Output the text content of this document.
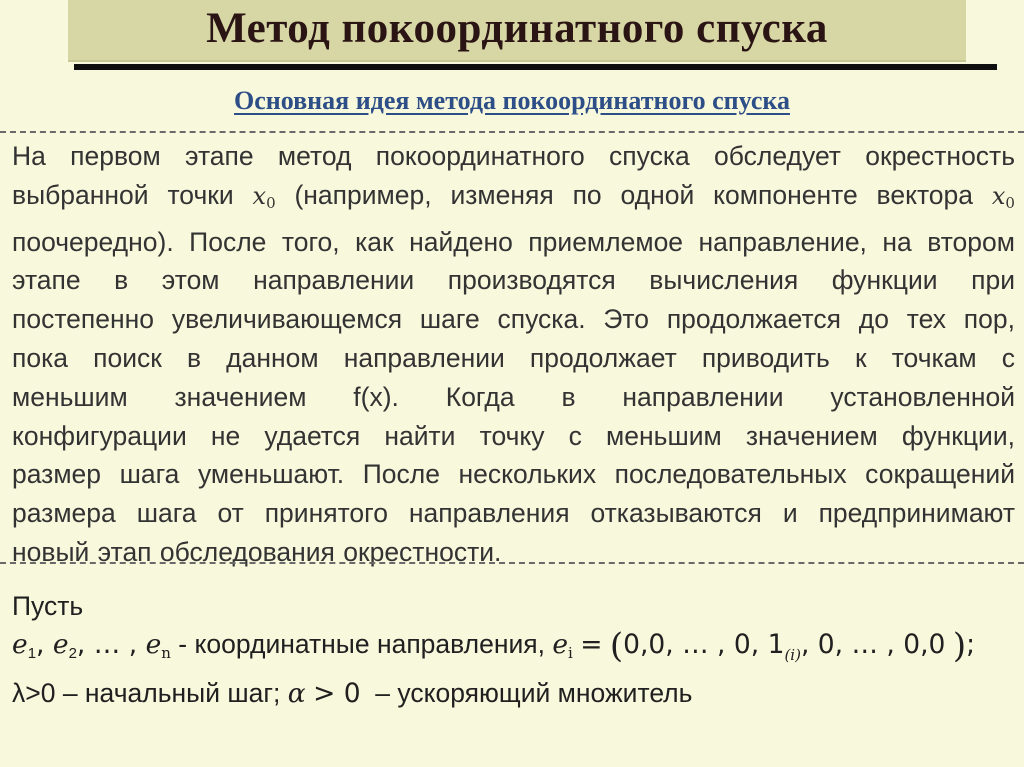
Метод покоординатного спуска
Основная идея метода покоординатного спуска
На первом этапе метод покоординатного спуска обследует окрестность
выбранной точки $x_0$ (например, изменяя по одной компоненте вектора $x_0$
поочередно). После того, как найдено приемлемое направление, на втором
этапе в этом направлении производятся вычисления функции при
постепенно увеличивающемся шаге спуска. Это продолжается до тех пор,
пока поиск в данном направлении продолжает приводить к точкам с
меньшим значением f(x). Когда в направлении установленной
конфигурации не удается найти точку с меньшим значением функции,
размер шага уменьшают. После нескольких последовательных сокращений
размера шага от принятого направления отказываются и предпринимают
новый этап обследования окрестности.
Пусть
$e_1$, $e_2$, … , $e_n$ - координатные направления, $e_i = (0,0$, … , 0, $1_{(i)}$, 0, … , 0,0 );
λ>0 – начальный шаг; α > 0 – ускоряющий множитель
